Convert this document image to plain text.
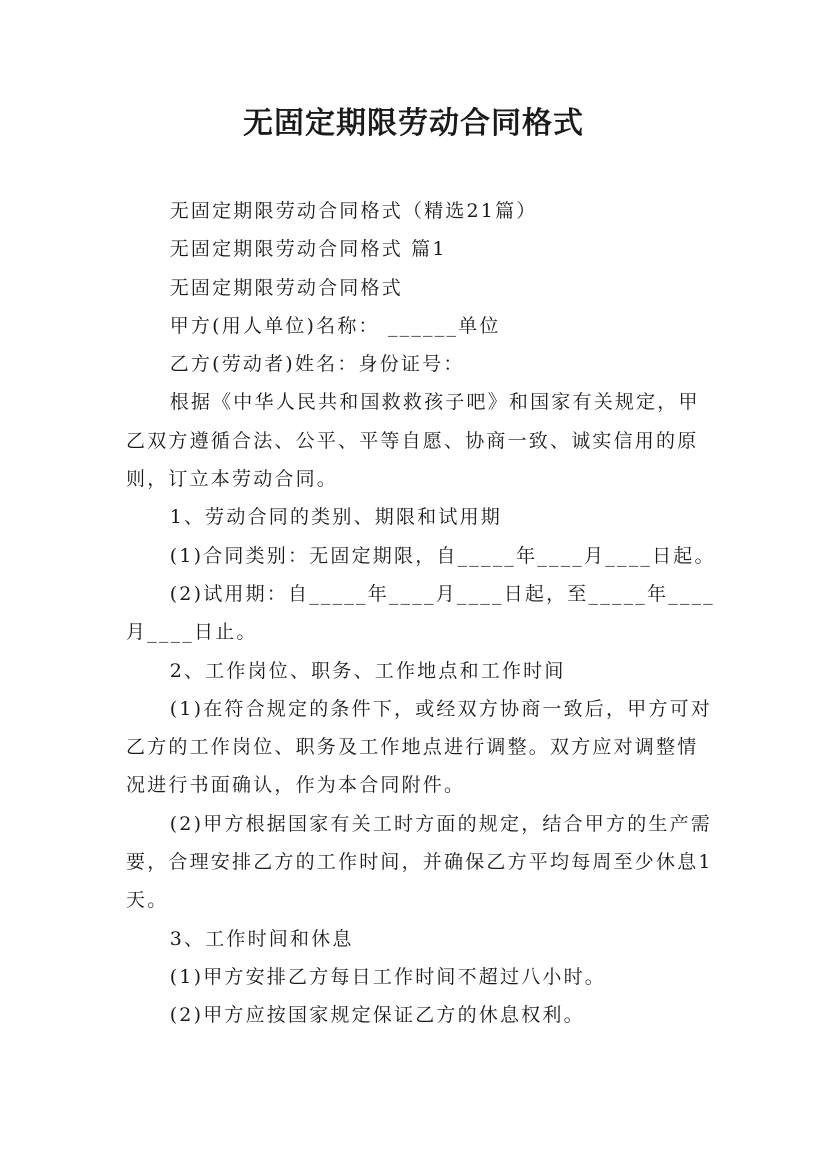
无固定期限劳动合同格式

无固定期限劳动合同格式（精选21篇）

无固定期限劳动合同格式 篇1

无固定期限劳动合同格式

甲方(用人单位)名称： ______单位

乙方(劳动者)姓名：身份证号：

根据《中华人民共和国救救孩子吧》和国家有关规定，甲乙双方遵循合法、公平、平等自愿、协商一致、诚实信用的原则，订立本劳动合同。

1、劳动合同的类别、期限和试用期

(1)合同类别：无固定期限，自_____年____月____日起。

(2)试用期：自_____年____月____日起，至_____年____月____日止。

2、工作岗位、职务、工作地点和工作时间

(1)在符合规定的条件下，或经双方协商一致后，甲方可对乙方的工作岗位、职务及工作地点进行调整。双方应对调整情况进行书面确认，作为本合同附件。

(2)甲方根据国家有关工时方面的规定，结合甲方的生产需要，合理安排乙方的工作时间，并确保乙方平均每周至少休息1天。

3、工作时间和休息

(1)甲方安排乙方每日工作时间不超过八小时。

(2)甲方应按国家规定保证乙方的休息权利。
